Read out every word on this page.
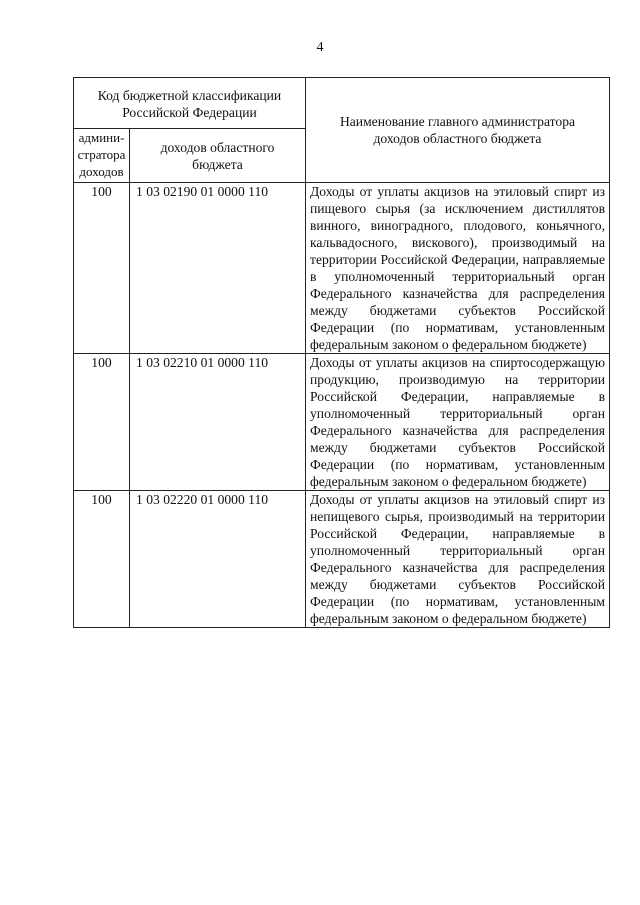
4
Код бюджетной классификации Российской Федерации		Наименование главного администратора доходов областного бюджета
админи-стратора доходов	доходов областного бюджета	
100	1 03 02190 01 0000 110	Доходы от уплаты акцизов на этиловый спирт из пищевого сырья (за исключением дистиллятов винного, виноградного, плодового, коньячного, кальвадосного, вискового), производимый на территории Российской Федерации, направляемые в уполномоченный территориальный орган Федерального казначейства для распределения между бюджетами субъектов Российской Федерации (по нормативам, установленным федеральным законом о федеральном бюджете)
100	1 03 02210 01 0000 110	Доходы от уплаты акцизов на спиртосодержащую продукцию, производимую на территории Российской Федерации, направляемые в уполномоченный территориальный орган Федерального казначейства для распределения между бюджетами субъектов Российской Федерации (по нормативам, установленным федеральным законом о федеральном бюджете)
100	1 03 02220 01 0000 110	Доходы от уплаты акцизов на этиловый спирт из непищевого сырья, производимый на территории Российской Федерации, направляемые в уполномоченный территориальный орган Федерального казначейства для распределения между бюджетами субъектов Российской Федерации (по нормативам, установленным федеральным законом о федеральном бюджете)
